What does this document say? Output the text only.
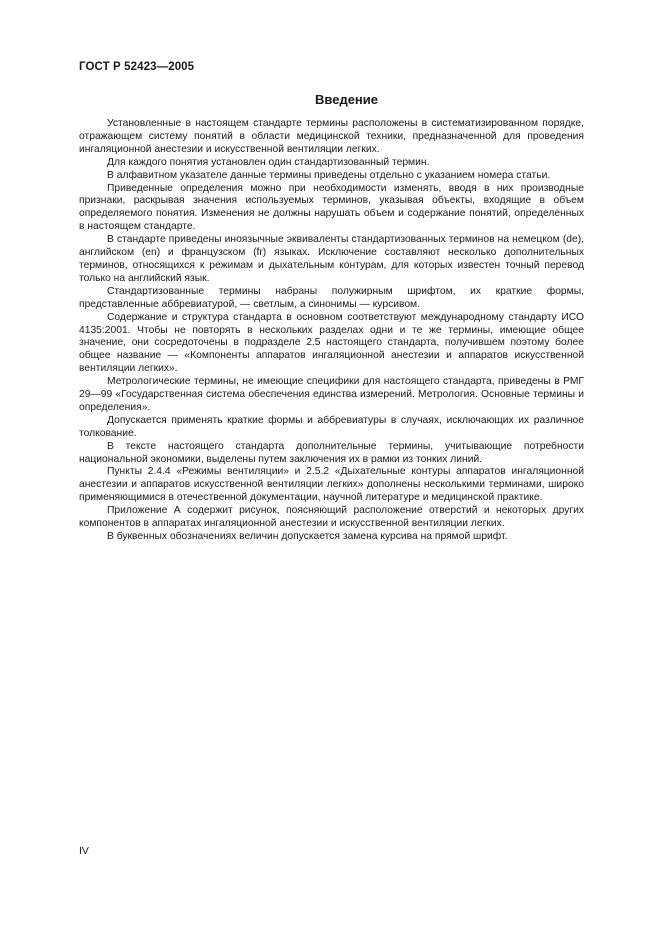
ГОСТ Р 52423—2005
Введение

Установленные в настоящем стандарте термины расположены в систематизированном порядке, отражающем систему понятий в области медицинской техники, предназначенной для проведения ингаляционной анестезии и искусственной вентиляции легких.

Для каждого понятия установлен один стандартизованный термин.

В алфавитном указателе данные термины приведены отдельно с указанием номера статьи.

Приведенные определения можно при необходимости изменять, вводя в них производные признаки, раскрывая значения используемых терминов, указывая объекты, входящие в объем определяемого понятия. Изменения не должны нарушать объем и содержание понятий, определенных в настоящем стандарте.

В стандарте приведены иноязычные эквиваленты стандартизованных терминов на немецком (de), английском (en) и французском (fr) языках. Исключение составляют несколько дополнительных терминов, относящихся к режимам и дыхательным контурам, для которых известен точный перевод только на английский язык.

Стандартизованные термины набраны полужирным шрифтом, их краткие формы, представленные аббревиатурой, — светлым, а синонимы — курсивом.

Содержание и структура стандарта в основном соответствуют международному стандарту ИСО 4135:2001. Чтобы не повторять в нескольких разделах одни и те же термины, имеющие общее значение, они сосредоточены в подразделе 2.5 настоящего стандарта, получившем поэтому более общее название — «Компоненты аппаратов ингаляционной анестезии и аппаратов искусственной вентиляции легких».

Метрологические термины, не имеющие специфики для настоящего стандарта, приведены в РМГ 29—99 «Государственная система обеспечения единства измерений. Метрология. Основные термины и определения».

Допускается применять краткие формы и аббревиатуры в случаях, исключающих их различное толкование.

В тексте настоящего стандарта дополнительные термины, учитывающие потребности национальной экономики, выделены путем заключения их в рамки из тонких линий.

Пункты 2.4.4 «Режимы вентиляции» и 2.5.2 «Дыхательные контуры аппаратов ингаляционной анестезии и аппаратов искусственной вентиляции легких» дополнены несколькими терминами, широко применяющимися в отечественной документации, научной литературе и медицинской практике.

Приложение А содержит рисунок, поясняющий расположение отверстий и некоторых других компонентов в аппаратах ингаляционной анестезии и искусственной вентиляции легких.

В буквенных обозначениях величин допускается замена курсива на прямой шрифт.

IV
